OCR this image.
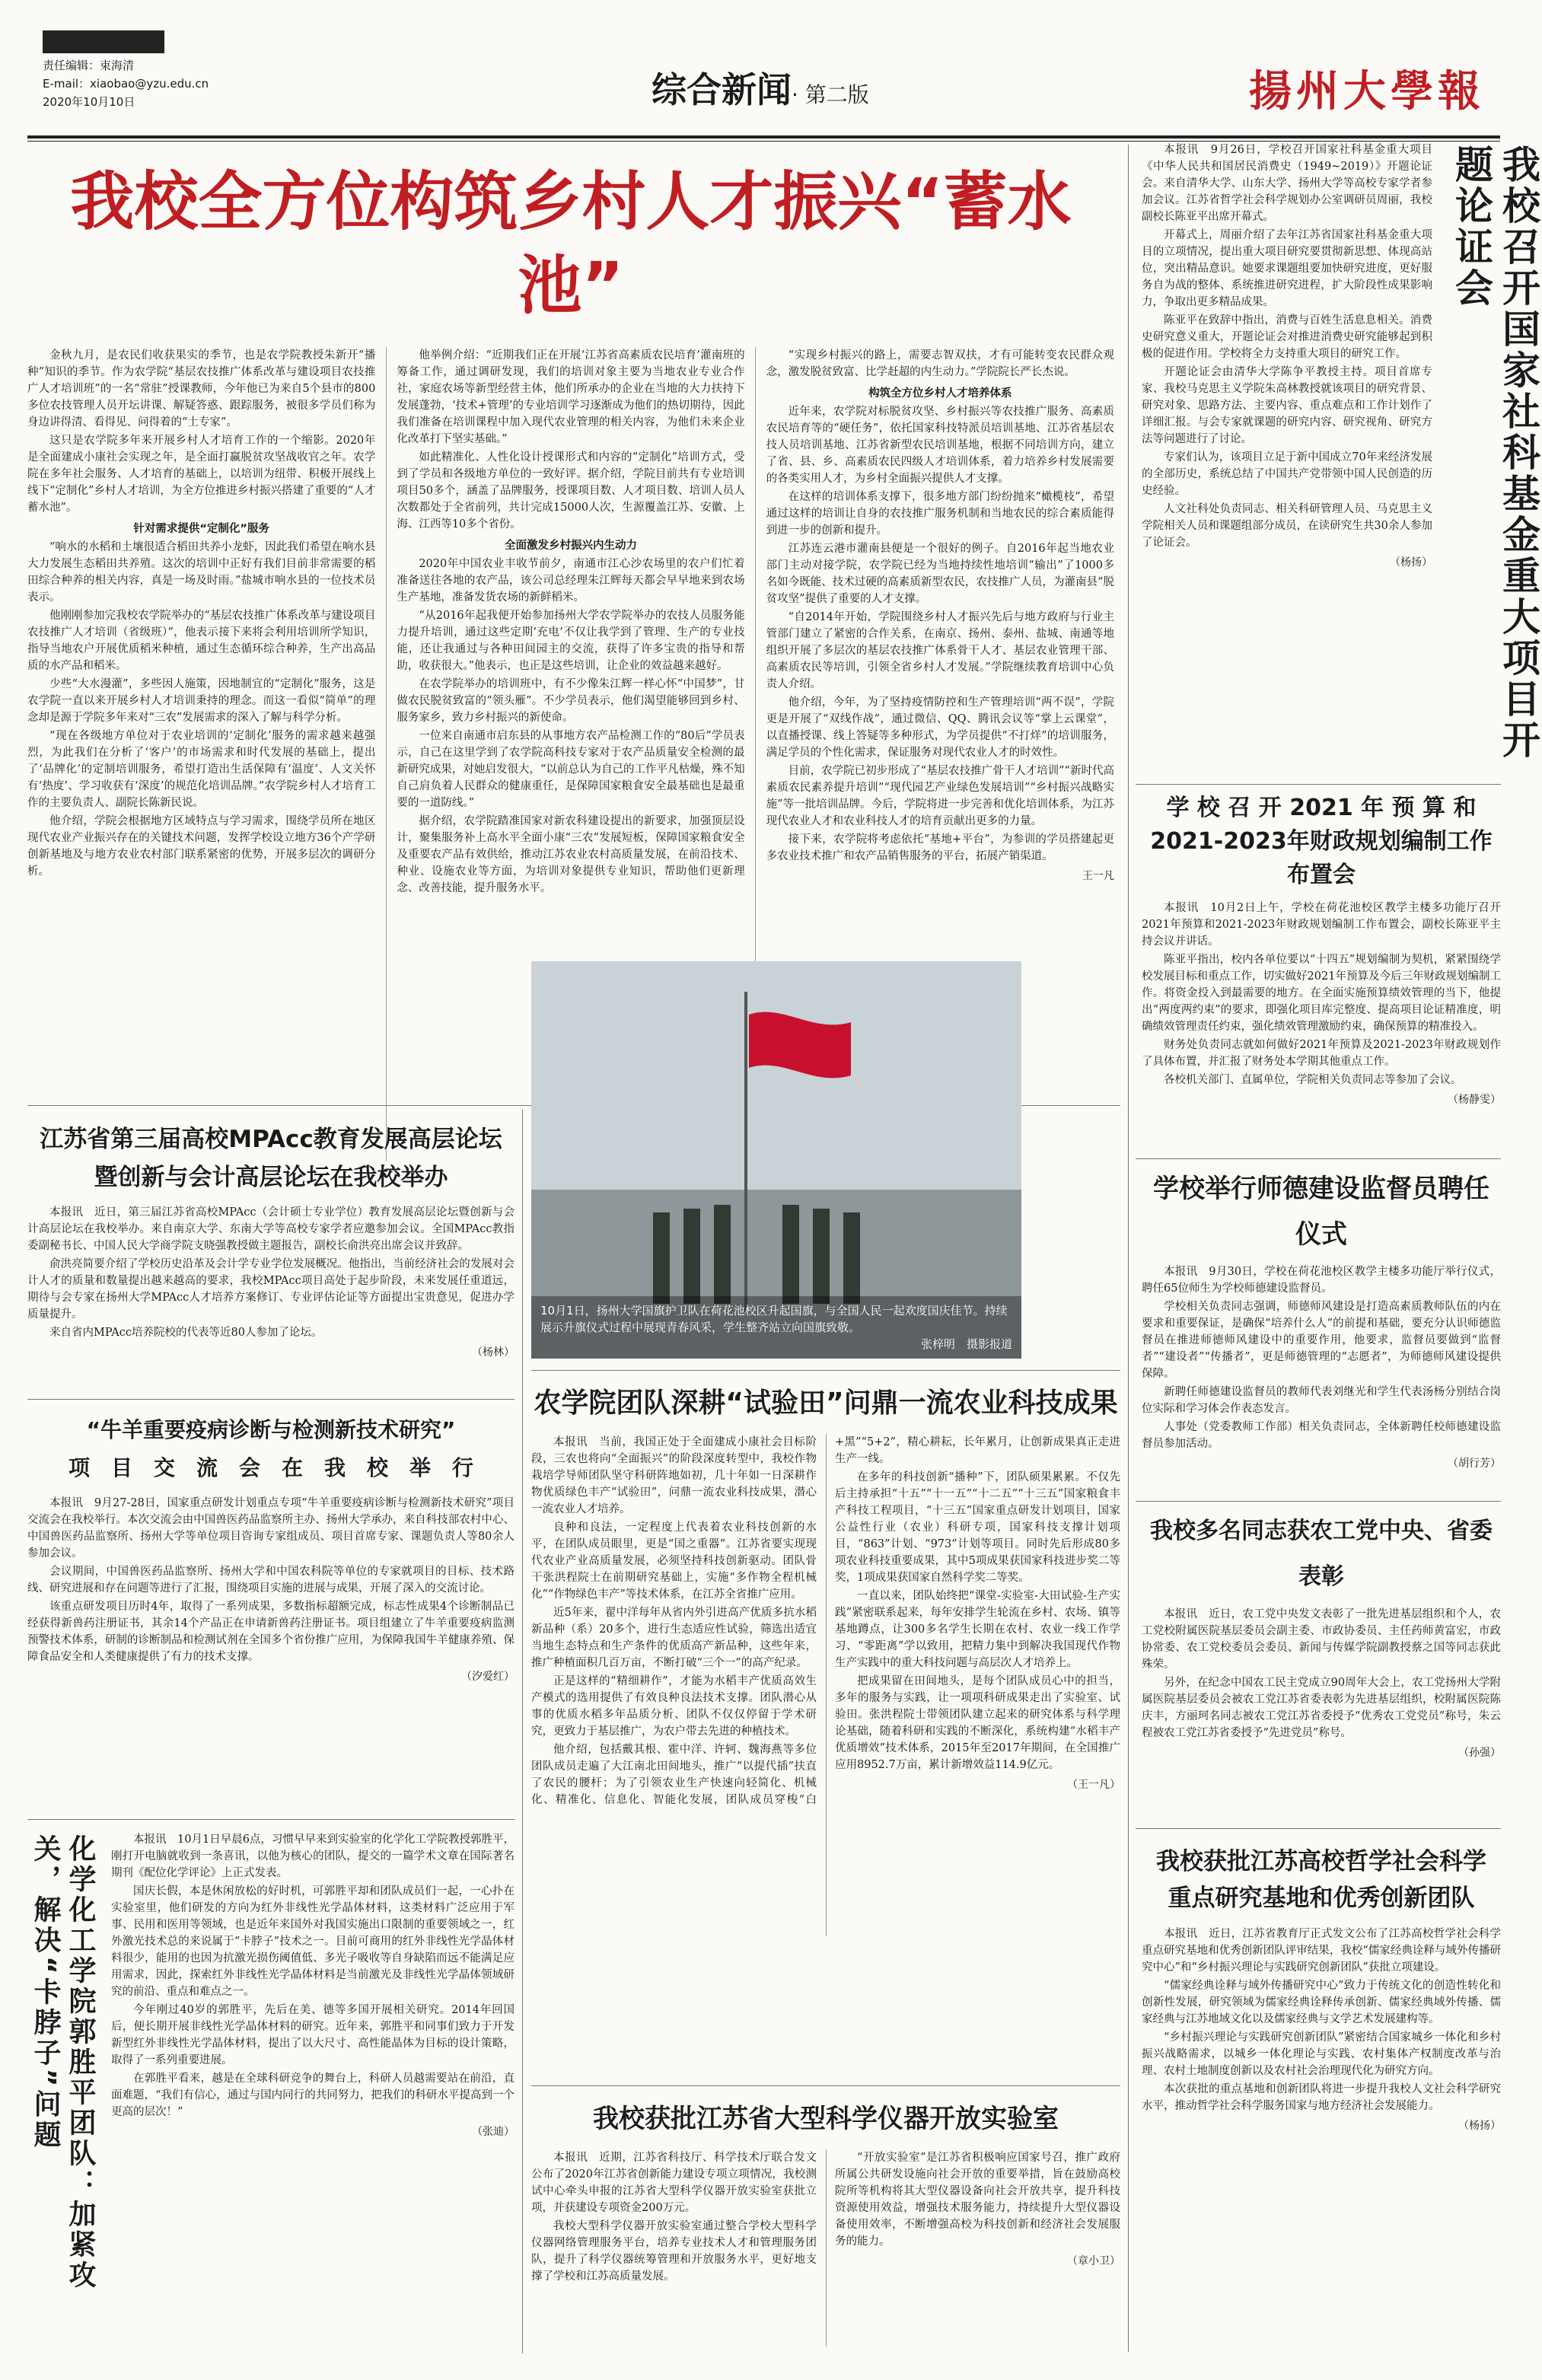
责任编辑：束海清
E-mail：xiaobao@yzu.edu.cn
2020年10月10日	综合新闻· 第二版	揚州大學報
我校全方位构筑乡村人才振兴“蓄水池”

金秋九月，是农民们收获果实的季节，也是农学院教授朱新开“播种”知识的季节。作为农学院“基层农技推广体系改革与建设项目农技推广人才培训班”的一名“常驻”授课教师，今年他已为来自5个县市的800多位农技管理人员开坛讲课、解疑答惑、跟踪服务，被很多学员们称为身边讲得清、看得见、问得着的“土专家”。

这只是农学院多年来开展乡村人才培育工作的一个缩影。2020年是全面建成小康社会实现之年，是全面打赢脱贫攻坚战收官之年。农学院在多年社会服务、人才培育的基础上，以培训为纽带、积极开展线上线下“定制化”乡村人才培训，为全方位推进乡村振兴搭建了重要的“人才蓄水池”。

针对需求提供“定制化”服务

“响水的水稻和土壤很适合稻田共养小龙虾，因此我们希望在响水县大力发展生态稻田共养殖。这次的培训中正好有我们目前非常需要的稻田综合种养的相关内容，真是一场及时雨。”盐城市响水县的一位技术员表示。

他刚刚参加完我校农学院举办的“基层农技推广体系改革与建设项目农技推广人才培训（省级班）”，他表示接下来将会利用培训所学知识，指导当地农户开展优质稻米种植，通过生态循环综合种养，生产出高品质的水产品和稻米。

少些“大水漫灌”，多些因人施策，因地制宜的“定制化”服务，这是农学院一直以来开展乡村人才培训秉持的理念。而这一看似“简单”的理念却是源于学院多年来对“三农”发展需求的深入了解与科学分析。

“现在各级地方单位对于农业培训的‘定制化’服务的需求越来越强烈，为此我们在分析了‘客户’的市场需求和时代发展的基础上，提出了‘品牌化’的定制培训服务，希望打造出生活保障有‘温度’、人文关怀有‘热度’、学习收获有‘深度’的规范化培训品牌。”农学院乡村人才培育工作的主要负责人、副院长陈新民说。

他介绍，学院会根据地方区域特点与学习需求，围绕学员所在地区现代农业产业振兴存在的关键技术问题，发挥学校设立地方36个产学研创新基地及与地方农业农村部门联系紧密的优势，开展多层次的调研分析。

他举例介绍：“近期我们正在开展‘江苏省高素质农民培育’灌南班的筹备工作，通过调研发现，我们的培训对象主要为当地农业专业合作社，家庭农场等新型经营主体，他们所承办的企业在当地的大力扶持下发展蓬勃，‘技术+管理’的专业培训学习逐渐成为他们的热切期待，因此我们准备在培训课程中加入现代农业管理的相关内容，为他们未来企业化改革打下坚实基础。”

如此精准化、人性化设计授课形式和内容的“定制化”培训方式，受到了学员和各级地方单位的一致好评。据介绍，学院目前共有专业培训项目50多个，涵盖了品牌服务，授课项目数、人才项目数、培训人员人次数都处于全省前列，共计完成15000人次，生源覆盖江苏、安徽、上海、江西等10多个省份。

全面激发乡村振兴内生动力

2020年中国农业丰收节前夕，南通市江心沙农场里的农户们忙着准备送往各地的农产品，该公司总经理朱江辉每天都会早早地来到农场生产基地，准备发货农场的新鲜稻米。

“从2016年起我便开始参加扬州大学农学院举办的农技人员服务能力提升培训，通过这些定期‘充电’不仅让我学到了管理、生产的专业技能，还让我通过与各种田间园主的交流，获得了许多宝贵的指导和帮助，收获很大。”他表示，也正是这些培训，让企业的效益越来越好。

在农学院举办的培训班中，有不少像朱江辉一样心怀“中国梦”，甘做农民脱贫致富的“领头雁”。不少学员表示，他们渴望能够回到乡村、服务家乡，致力乡村振兴的新使命。

一位来自南通市启东县的从事地方农产品检测工作的“80后”学员表示，自己在这里学到了农学院高科技专家对于农产品质量安全检测的最新研究成果，对她启发很大，“以前总认为自己的工作平凡枯燥，殊不知自己肩负着人民群众的健康重任，是保障国家粮食安全最基础也是最重要的一道防线。”

据介绍，农学院踏准国家对新农科建设提出的新要求，加强顶层设计，聚集服务补上高水平全面小康“三农”发展短板，保障国家粮食安全及重要农产品有效供给，推动江苏农业农村高质量发展，在前沿技术、种业、设施农业等方面，为培训对象提供专业知识，帮助他们更新理念、改善技能，提升服务水平。

“实现乡村振兴的路上，需要志智双扶，才有可能转变农民群众观念，激发脱贫致富、比学赶超的内生动力。”学院院长严长杰说。

构筑全方位乡村人才培养体系

近年来，农学院对标脱贫攻坚、乡村振兴等农技推广服务、高素质农民培育等的“硬任务”，依托国家科技特派员培训基地、江苏省基层农技人员培训基地、江苏省新型农民培训基地，根据不同培训方向，建立了省、县、乡、高素质农民四级人才培训体系，着力培养乡村发展需要的各类实用人才，为乡村全面振兴提供人才支撑。

在这样的培训体系支撑下，很多地方部门纷纷抛来“橄榄枝”，希望通过这样的培训让自身的农技推广服务机制和当地农民的综合素质能得到进一步的创新和提升。

江苏连云港市灌南县便是一个很好的例子。自2016年起当地农业部门主动对接学院，农学院已经为当地持续性地培训“输出”了1000多名如今既能、技术过硬的高素质新型农民，农技推广人员，为灌南县“脱贫攻坚”提供了重要的人才支撑。

“自2014年开始，学院围绕乡村人才振兴先后与地方政府与行业主管部门建立了紧密的合作关系，在南京、扬州、泰州、盐城、南通等地组织开展了多层次的基层农技推广体系骨干人才、基层农业管理干部、高素质农民等培训，引领全省乡村人才发展。”学院继续教育培训中心负责人介绍。

他介绍，今年，为了坚持疫情防控和生产管理培训“两不误”，学院更是开展了“双线作战”，通过微信、QQ、腾讯会议等“掌上云课堂”，以直播授课、线上答疑等多种形式，为学员提供“不打烊”的培训服务，满足学员的个性化需求，保证服务对现代农业人才的时效性。

目前，农学院已初步形成了“基层农技推广骨干人才培训”“新时代高素质农民素养提升培训”“现代园艺产业绿色发展培训”“乡村振兴战略实施”等一批培训品牌。今后，学院将进一步完善和优化培训体系，为江苏现代农业人才和农业科技人才的培育贡献出更多的力量。

接下来，农学院将考虑依托“基地+平台”，为参训的学员搭建起更多农业技术推广和农产品销售服务的平台，拓展产销渠道。

王一凡
我校召开国家社科基金重大项目开题论证会

本报讯　9月26日，学校召开国家社科基金重大项目《中华人民共和国居民消费史（1949~2019）》开题论证会。来自清华大学、山东大学、扬州大学等高校专家学者参加会议。江苏省哲学社会科学规划办公室调研员周丽，我校副校长陈亚平出席开幕式。

开幕式上，周丽介绍了去年江苏省国家社科基金重大项目的立项情况，提出重大项目研究要贯彻新思想、体现高站位，突出精品意识。她要求课题组要加快研究进度，更好服务自为战的整体、系统推进研究进程，扩大阶段性成果影响力，争取出更多精品成果。

陈亚平在致辞中指出，消费与百姓生活息息相关。消费史研究意义重大，开题论证会对推进消费史研究能够起到积极的促进作用。学校将全力支持重大项目的研究工作。

开题论证会由清华大学陈争平教授主持。项目首席专家、我校马克思主义学院朱高林教授就该项目的研究背景、研究对象、思路方法、主要内容、重点难点和工作计划作了详细汇报。与会专家就课题的研究内容、研究视角、研究方法等问题进行了讨论。

专家们认为，该项目立足于新中国成立70年来经济发展的全部历史，系统总结了中国共产党带领中国人民创造的历史经验。

人文社科处负责同志、相关科研管理人员、马克思主义学院相关人员和课题组部分成员，在读研究生共30余人参加了论证会。

（杨扬）
学 校 召 开 2021 年 预 算 和
2021-2023年财政规划编制工作布置会

本报讯　10月2日上午，学校在荷花池校区教学主楼多功能厅召开2021年预算和2021-2023年财政规划编制工作布置会，副校长陈亚平主持会议并讲话。

陈亚平指出，校内各单位要以“十四五”规划编制为契机，紧紧围绕学校发展目标和重点工作，切实做好2021年预算及今后三年财政规划编制工作。将资金投入到最需要的地方。在全面实施预算绩效管理的当下，他提出“两度两约束”的要求，即强化项目库完整度、提高项目论证精准度，明确绩效管理责任约束，强化绩效管理激励约束，确保预算的精准投入。

财务处负责同志就如何做好2021年预算及2021-2023年财政规划作了具体布置，并汇报了财务处本学期其他重点工作。

各校机关部门、直属单位，学院相关负责同志等参加了会议。

（杨静雯）
学校举行师德建设监督员聘任仪式

本报讯　9月30日，学校在荷花池校区教学主楼多功能厅举行仪式，聘任65位师生为学校师德建设监督员。

学校相关负责同志强调，师德师风建设是打造高素质教师队伍的内在要求和重要保证，是确保“培养什么人”的前提和基础，要充分认识师德监督员在推进师德师风建设中的重要作用，他要求，监督员要做到“监督者”“建设者”“传播者”，更是师德管理的“志愿者”，为师德师风建设提供保障。

新聘任师德建设监督员的教师代表刘继光和学生代表汤杨分别结合岗位实际和学习体会作表态发言。

人事处（党委教师工作部）相关负责同志，全体新聘任校师德建设监督员参加活动。

（胡行芳）
我校多名同志获农工党中央、省委表彰

本报讯　近日，农工党中央发文表彰了一批先进基层组织和个人，农工党校附属医院基层委员会副主委、市政协委员、主任药师黄富宏，市政协常委、农工党校委员会委员、新闻与传媒学院副教授蔡之国等同志获此殊荣。

另外，在纪念中国农工民主党成立90周年大会上，农工党扬州大学附属医院基层委员会被农工党江苏省委表彰为先进基层组织，校附属医院陈庆丰，方丽珂名同志被农工党江苏省委授予“优秀农工党党员”称号，朱云程被农工党江苏省委授予“先进党员”称号。

（孙强）
我校获批江苏高校哲学社会科学
重点研究基地和优秀创新团队

本报讯　近日，江苏省教育厅正式发文公布了江苏高校哲学社会科学重点研究基地和优秀创新团队评审结果，我校“儒家经典诠释与域外传播研究中心”和“乡村振兴理论与实践研究创新团队”获批立项建设。

“儒家经典诠释与域外传播研究中心”致力于传统文化的创造性转化和创新性发展，研究领域为儒家经典诠释传承创新、儒家经典域外传播、儒家经典与江苏地域文化以及儒家经典与文学艺术发展建构等。

“乡村振兴理论与实践研究创新团队”紧密结合国家城乡一体化和乡村振兴战略需求，以城乡一体化理论与实践、农村集体产权制度改革与治理、农村土地制度创新以及农村社会治理现代化为研究方向。

本次获批的重点基地和创新团队将进一步提升我校人文社会科学研究水平，推动哲学社会科学服务国家与地方经济社会发展能力。

（杨扬）
江苏省第三届高校MPAcc教育发展高层论坛
暨创新与会计高层论坛在我校举办

本报讯　近日，第三届江苏省高校MPAcc（会计硕士专业学位）教育发展高层论坛暨创新与会计高层论坛在我校举办。来自南京大学、东南大学等高校专家学者应邀参加会议。全国MPAcc教指委副秘书长、中国人民大学商学院支晓强教授做主题报告，副校长俞洪亮出席会议并致辞。

俞洪亮简要介绍了学校历史沿革及会计学专业学位发展概况。他指出，当前经济社会的发展对会计人才的质量和数量提出越来越高的要求，我校MPAcc项目高处于起步阶段，未来发展任重道远，期待与会专家在扬州大学MPAcc人才培养方案修订、专业评估论证等方面提出宝贵意见，促进办学质量提升。

来自省内MPAcc培养院校的代表等近80人参加了论坛。

（杨林）
“牛羊重要疫病诊断与检测新技术研究”
项　目　交　流　会　在　我　校　举　行

本报讯　9月27-28日，国家重点研发计划重点专项“牛羊重要疫病诊断与检测新技术研究”项目交流会在我校举行。本次交流会由中国兽医药品监察所主办、扬州大学承办，来自科技部农村中心、中国兽医药品监察所、扬州大学等单位项目咨询专家组成员、项目首席专家、课题负责人等80余人参加会议。

会议期间，中国兽医药品监察所、扬州大学和中国农科院等单位的专家就项目的目标、技术路线、研究进展和存在问题等进行了汇报，围绕项目实施的进展与成果，开展了深入的交流讨论。

该重点研发项目历时4年，取得了一系列成果，多数指标超额完成，标志性成果4个诊断制品已经获得新兽药注册证书，其余14个产品正在申请新兽药注册证书。项目组建立了牛羊重要疫病监测预警技术体系，研制的诊断制品和检测试剂在全国多个省份推广应用，为保障我国牛羊健康养殖、保障食品安全和人类健康提供了有力的技术支撑。

（汐爱红）
化学化工学院郭胜平团队：加紧攻关，解决“卡脖子”问题	本报讯　10月1日早晨6点，习惯早早来到实验室的化学化工学院教授郭胜平，刚打开电脑就收到一条喜讯，以他为核心的团队，提交的一篇学术文章在国际著名期刊《配位化学评论》上正式发表。

国庆长假，本是休闲放松的好时机，可郭胜平却和团队成员们一起，一心扑在实验室里，他们研发的方向为红外非线性光学晶体材料，这类材料广泛应用于军事、民用和医用等领域，也是近年来国外对我国实施出口限制的重要领域之一，红外激光技术总的来说属于“卡脖子”技术之一。目前可商用的红外非线性光学晶体材料很少，能用的也因为抗激光损伤阈值低、多光子吸收等自身缺陷而远不能满足应用需求，因此，探索红外非线性光学晶体材料是当前激光及非线性光学晶体领域研究的前沿、重点和难点之一。

今年刚过40岁的郭胜平，先后在美、德等多国开展相关研究。2014年回国后，便长期开展非线性光学晶体材料的研究。近年来，郭胜平和同事们致力于开发新型红外非线性光学晶体材料，提出了以大尺寸、高性能晶体为目标的设计策略，取得了一系列重要进展。

在郭胜平看来，越是在全球科研竞争的舞台上，科研人员越需要站在前沿，直面难题，“我们有信心，通过与国内同行的共同努力，把我们的科研水平提高到一个更高的层次！”

（张迪）
10月1日，扬州大学国旗护卫队在荷花池校区升起国旗，与全国人民一起欢度国庆佳节。持续展示升旗仪式过程中展现青春风采，学生整齐站立向国旗致敬。
张梓明　摄影报道
农学院团队深耕“试验田”问鼎一流农业科技成果

本报讯　当前，我国正处于全面建成小康社会目标阶段，三农也将向“全面振兴”的阶段深度转型中，我校作物栽培学导师团队坚守科研阵地如初，几十年如一日深耕作物优质绿色丰产“试验田”，问鼎一流农业科技成果，潜心一流农业人才培养。

良种和良法，一定程度上代表着农业科技创新的水平，在团队成员眼里，更是“国之重器”。江苏省要实现现代农业产业高质量发展，必须坚持科技创新驱动。团队骨干张洪程院士在前期研究基础上，实施“多作物全程机械化”“作物绿色丰产”等技术体系，在江苏全省推广应用。

近5年来，翟中洋每年从省内外引进高产优质多抗水稻新品种（系）20多个，进行生态适应性试验，筛选出适宜当地生态特点和生产条件的优质高产新品种，这些年来，推广种植面积几百万亩，不断打破“三个一”的高产纪录。

正是这样的“精细耕作”，才能为水稻丰产优质高效生产模式的选用提供了有效良种良法技术支撑。团队潜心从事的优质水稻多年品质分析、团队不仅仅停留于学术研究，更致力于基层推广，为农户带去先进的种植技术。

他介绍，包括戴其根、霍中洋、许轲、魏海燕等多位团队成员走遍了大江南北田间地头，推广“以提代插”扶直了农民的腰杆；为了引领农业生产快速向轻简化、机械化、精准化、信息化、智能化发展，团队成员穿梭“白+黑”“5+2”，精心耕耘，长年累月，让创新成果真正走进生产一线。

在多年的科技创新“播种”下，团队硕果累累。不仅先后主持承担“十五”“十一五”“十二五”“十三五”国家粮食丰产科技工程项目，“十三五”国家重点研发计划项目，国家公益性行业（农业）科研专项，国家科技支撑计划项目，“863”计划、“973”计划等项目。同时先后形成80多项农业科技重要成果，其中5项成果获国家科技进步奖二等奖，1项成果获国家自然科学奖二等奖。

一直以来，团队始终把“课堂-实验室-大田试验-生产实践”紧密联系起来，每年安排学生轮流在乡村、农场、镇等基地蹲点，让300多名学生长期在农村、农业一线工作学习、“零距离”学以致用，把精力集中到解决我国现代作物生产实践中的重大科技问题与高层次人才培养上。

把成果留在田间地头，是每个团队成员心中的担当，多年的服务与实践，让一项项科研成果走出了实验室、试验田。张洪程院士带领团队建立起来的研究体系与科学理论基础，随着科研和实践的不断深化，系统构建“水稻丰产优质增效”技术体系，2015年至2017年期间，在全国推广应用8952.7万亩，累计新增效益114.9亿元。

（王一凡）
我校获批江苏省大型科学仪器开放实验室

本报讯　近期，江苏省科技厅、科学技术厅联合发文公布了2020年江苏省创新能力建设专项立项情况，我校测试中心牵头申报的江苏省大型科学仪器开放实验室获批立项，并获建设专项资金200万元。

我校大型科学仪器开放实验室通过整合学校大型科学仪器网络管理服务平台，培养专业技术人才和管理服务团队，提升了科学仪器统筹管理和开放服务水平，更好地支撑了学校和江苏高质量发展。

“开放实验室”是江苏省积极响应国家号召，推广政府所属公共研发设施向社会开放的重要举措，旨在鼓励高校院所等机构将其大型仪器设备向社会开放共享，提升科技资源使用效益，增强技术服务能力，持续提升大型仪器设备使用效率，不断增强高校为科技创新和经济社会发展服务的能力。

（章小卫）
